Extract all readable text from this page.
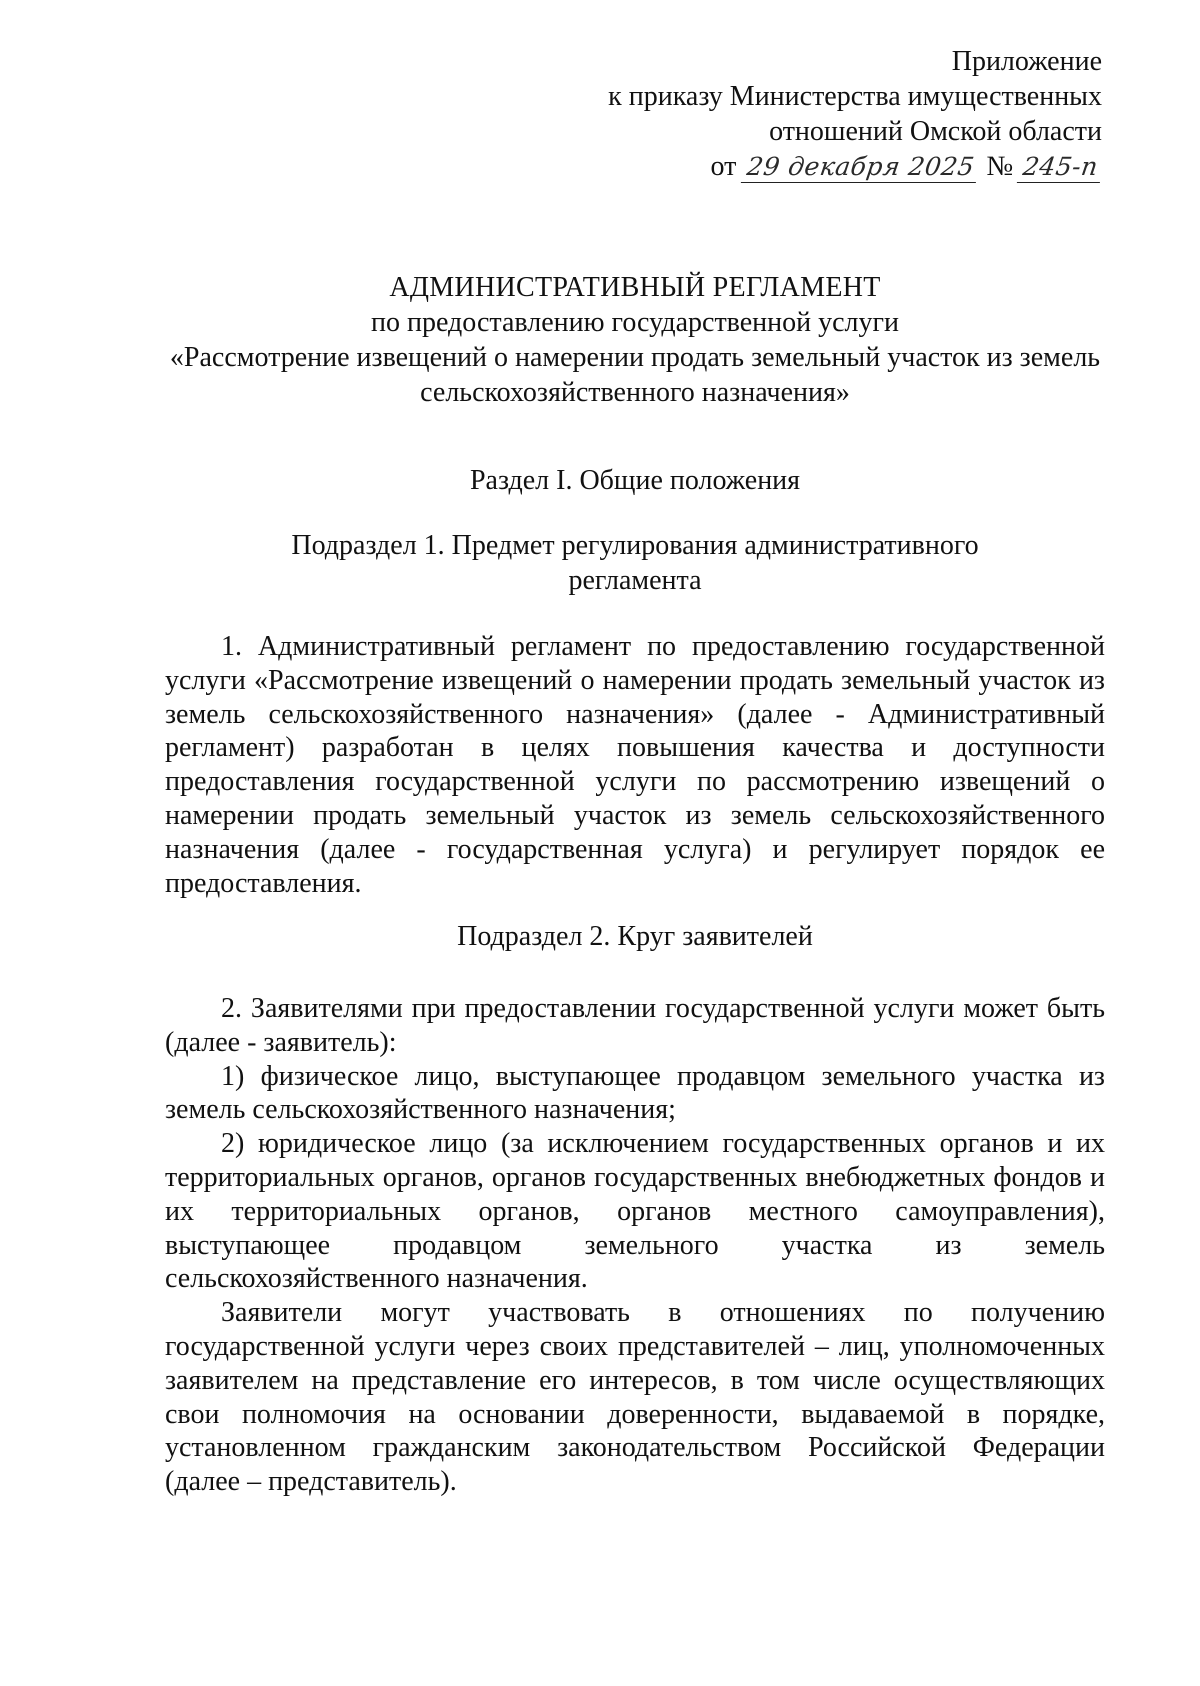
Приложение
к приказу Министерства имущественных
отношений Омской области
от 29 декабря 2025 № 245-п
АДМИНИСТРАТИВНЫЙ РЕГЛАМЕНТ
по предоставлению государственной услуги
«Рассмотрение извещений о намерении продать земельный участок из земель
сельскохозяйственного назначения»
Раздел I. Общие положения
Подраздел 1. Предмет регулирования административного
регламента

1. Административный регламент по предоставлению государственной услуги «Рассмотрение извещений о намерении продать земельный участок из земель сельскохозяйственного назначения» (далее - Административный регламент) разработан в целях повышения качества и доступности предоставления государственной услуги по рассмотрению извещений о намерении продать земельный участок из земель сельскохозяйственного назначения (далее - государственная услуга) и регулирует порядок ее предоставления.

Подраздел 2. Круг заявителей

2. Заявителями при предоставлении государственной услуги может быть (далее - заявитель):

1) физическое лицо, выступающее продавцом земельного участка из земель сельскохозяйственного назначения;

2) юридическое лицо (за исключением государственных органов и их территориальных органов, органов государственных внебюджетных фондов и их территориальных органов, органов местного самоуправления), выступающее продавцом земельного участка из земель сельскохозяйственного назначения.

Заявители могут участвовать в отношениях по получению государственной услуги через своих представителей – лиц, уполномоченных заявителем на представление его интересов, в том числе осуществляющих свои полномочия на основании доверенности, выдаваемой в порядке, установленном гражданским законодательством Российской Федерации (далее – представитель).
